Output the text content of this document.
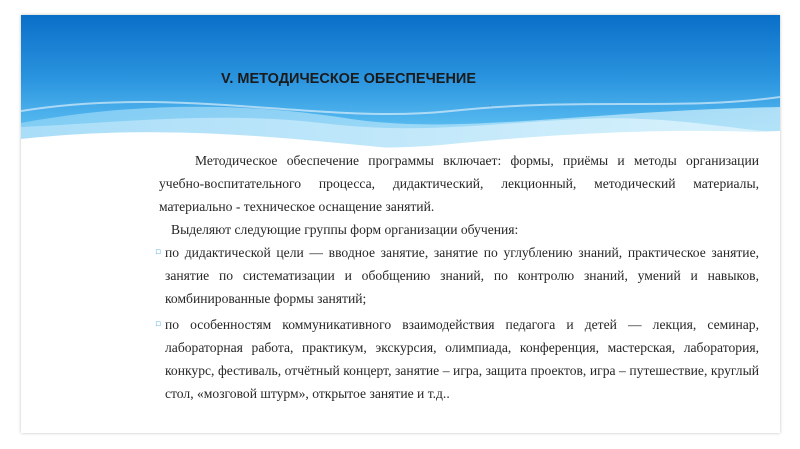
V. МЕТОДИЧЕСКОЕ ОБЕСПЕЧЕНИЕ
.

Методическое обеспечение программы включает: формы, приёмы и методы организации учебно-воспитательного процесса, дидактический, лекционный, методический материалы, материально - техническое оснащение занятий.

Выделяют следующие группы форм организации обучения:

▫ по дидактической цели — вводное занятие, занятие по углублению знаний, практическое занятие, занятие по систематизации и обобщению знаний, по контролю знаний, умений и навыков, комбинированные формы занятий;
▫ по особенностям коммуникативного взаимодействия педагога и детей — лекция, семинар, лабораторная работа, практикум, экскурсия, олимпиада, конференция, мастерская, лаборатория, конкурс, фестиваль, отчётный концерт, занятие – игра, защита проектов, игра – путешествие, круглый стол, «мозговой штурм», открытое занятие и т.д..
